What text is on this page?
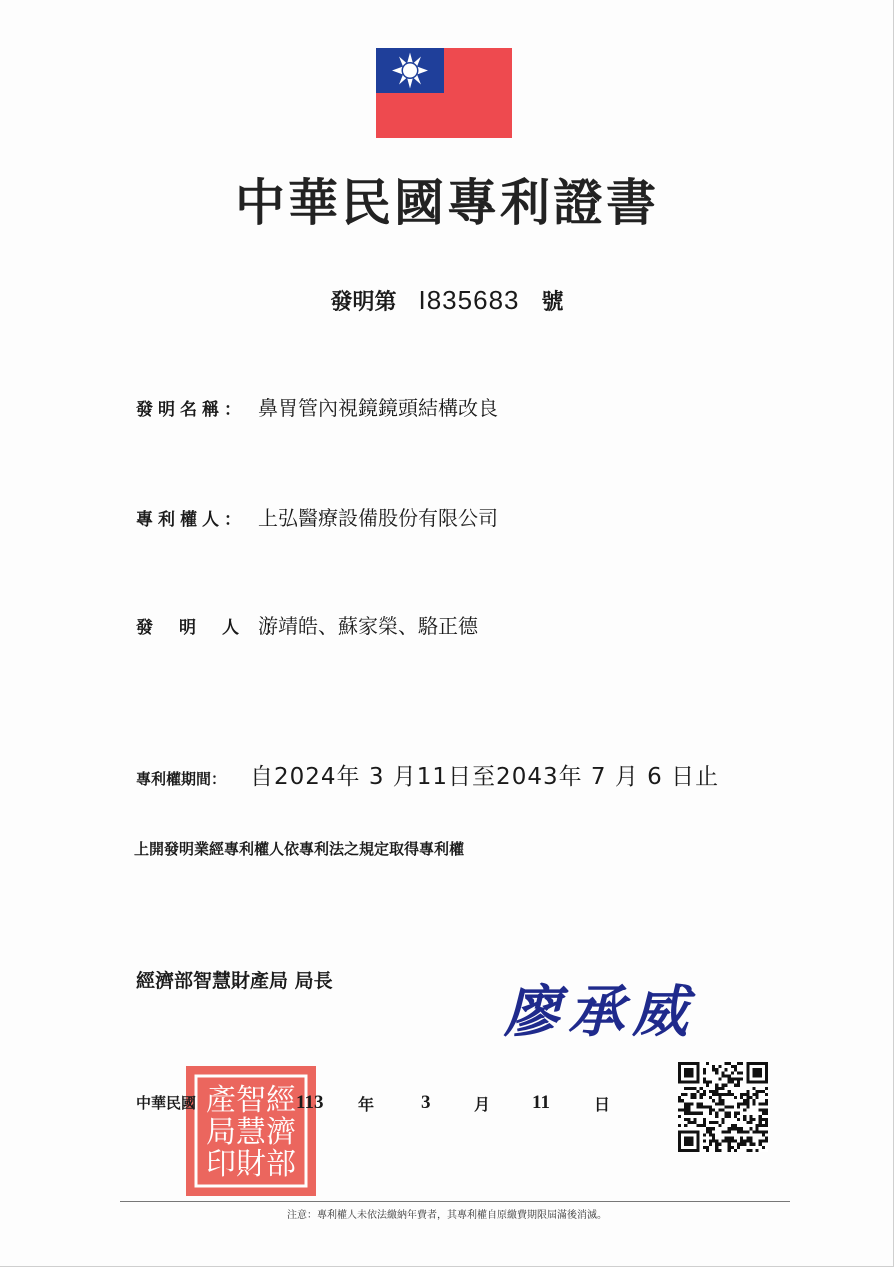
中華民國專利證書
發明第 I835683 號
發明名稱： 鼻胃管內視鏡鏡頭結構改良
專利權人： 上弘醫療設備股份有限公司
發明人：游靖皓、蘇家榮、駱正德
專利權期間： 自2024年 3 月11日至2043年 7 月 6 日止
上開發明業經專利權人依專利法之規定取得專利權
經濟部智慧財產局 局長	廖承威
經
智
產
濟
慧
局
部
財
印
中華民國	113 年 3	月 11	日
注意：專利權人未依法繳納年費者，其專利權自原繳費期限屆滿後消滅。
